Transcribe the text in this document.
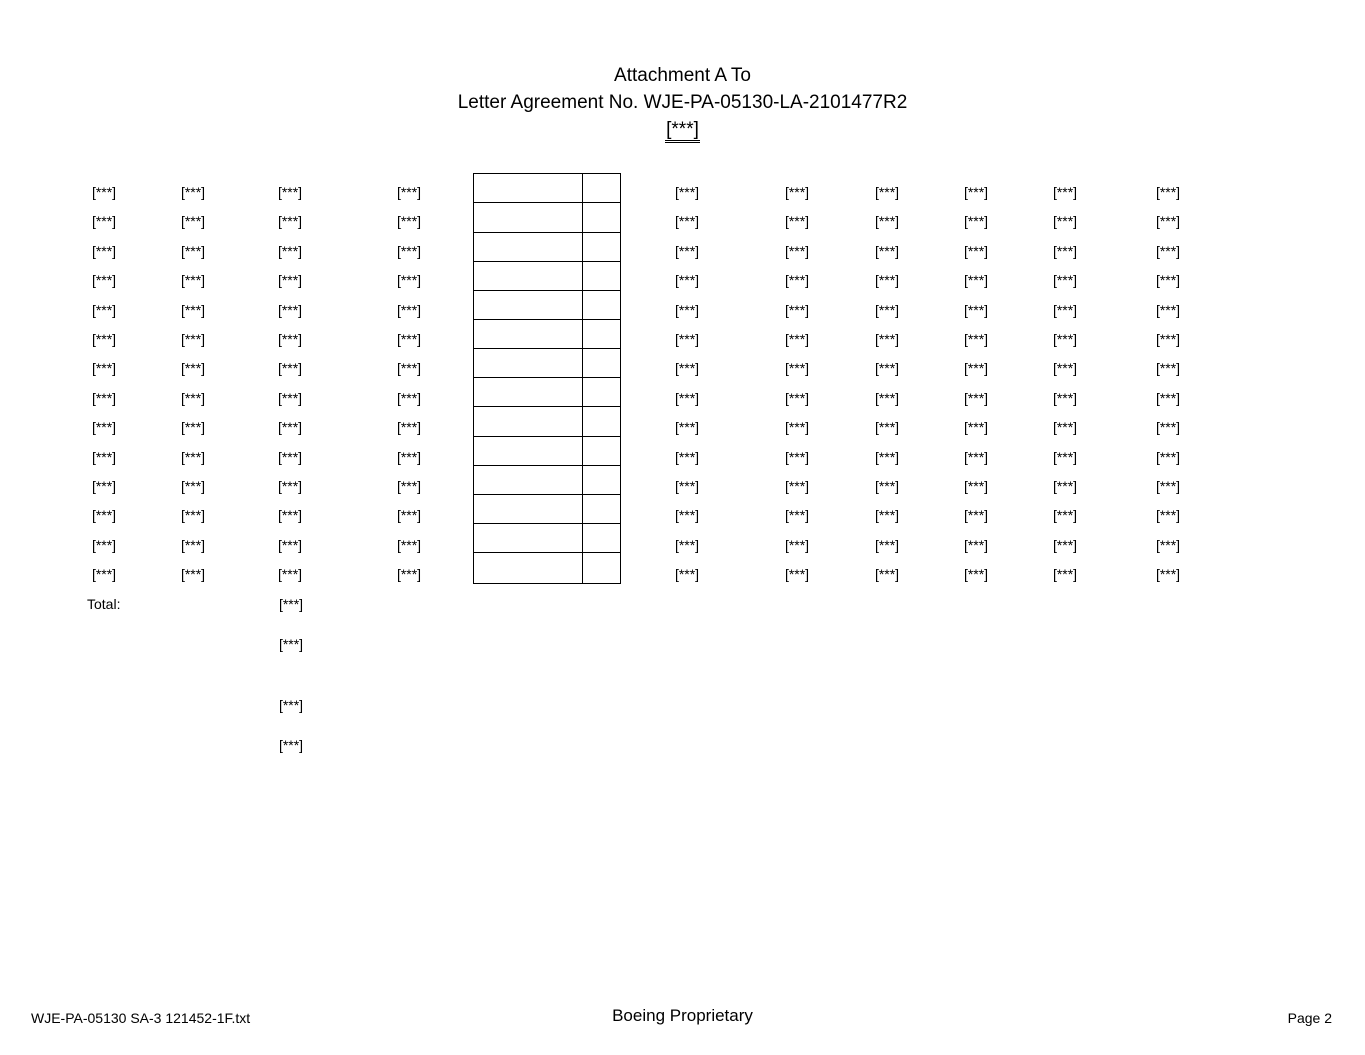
Attachment A To
Letter Agreement No. WJE-PA-05130-LA-2101477R2
[***]
[***]	[***]	[***]	[***]	[***]	[***]	[***]	[***]	[***]	[***]
[***]	[***]	[***]	[***]	[***]	[***]	[***]	[***]	[***]	[***]
[***]	[***]	[***]	[***]	[***]	[***]	[***]	[***]	[***]	[***]
[***]	[***]	[***]	[***]	[***]	[***]	[***]	[***]	[***]	[***]
[***]	[***]	[***]	[***]	[***]	[***]	[***]	[***]	[***]	[***]
[***]	[***]	[***]	[***]	[***]	[***]	[***]	[***]	[***]	[***]
[***]	[***]	[***]	[***]	[***]	[***]	[***]	[***]	[***]	[***]
[***]	[***]	[***]	[***]	[***]	[***]	[***]	[***]	[***]	[***]
[***]	[***]	[***]	[***]	[***]	[***]	[***]	[***]	[***]	[***]
[***]	[***]	[***]	[***]	[***]	[***]	[***]	[***]	[***]	[***]
[***]	[***]	[***]	[***]	[***]	[***]	[***]	[***]	[***]	[***]
[***]	[***]	[***]	[***]	[***]	[***]	[***]	[***]	[***]	[***]
[***]	[***]	[***]	[***]	[***]	[***]	[***]	[***]	[***]	[***]
[***]	[***]	[***]	[***]	[***]	[***]	[***]	[***]	[***]	[***]
Total:	[***]
[***]
[***]
[***]
WJE-PA-05130 SA-3 121452-1F.txt	Boeing Proprietary	Page 2
